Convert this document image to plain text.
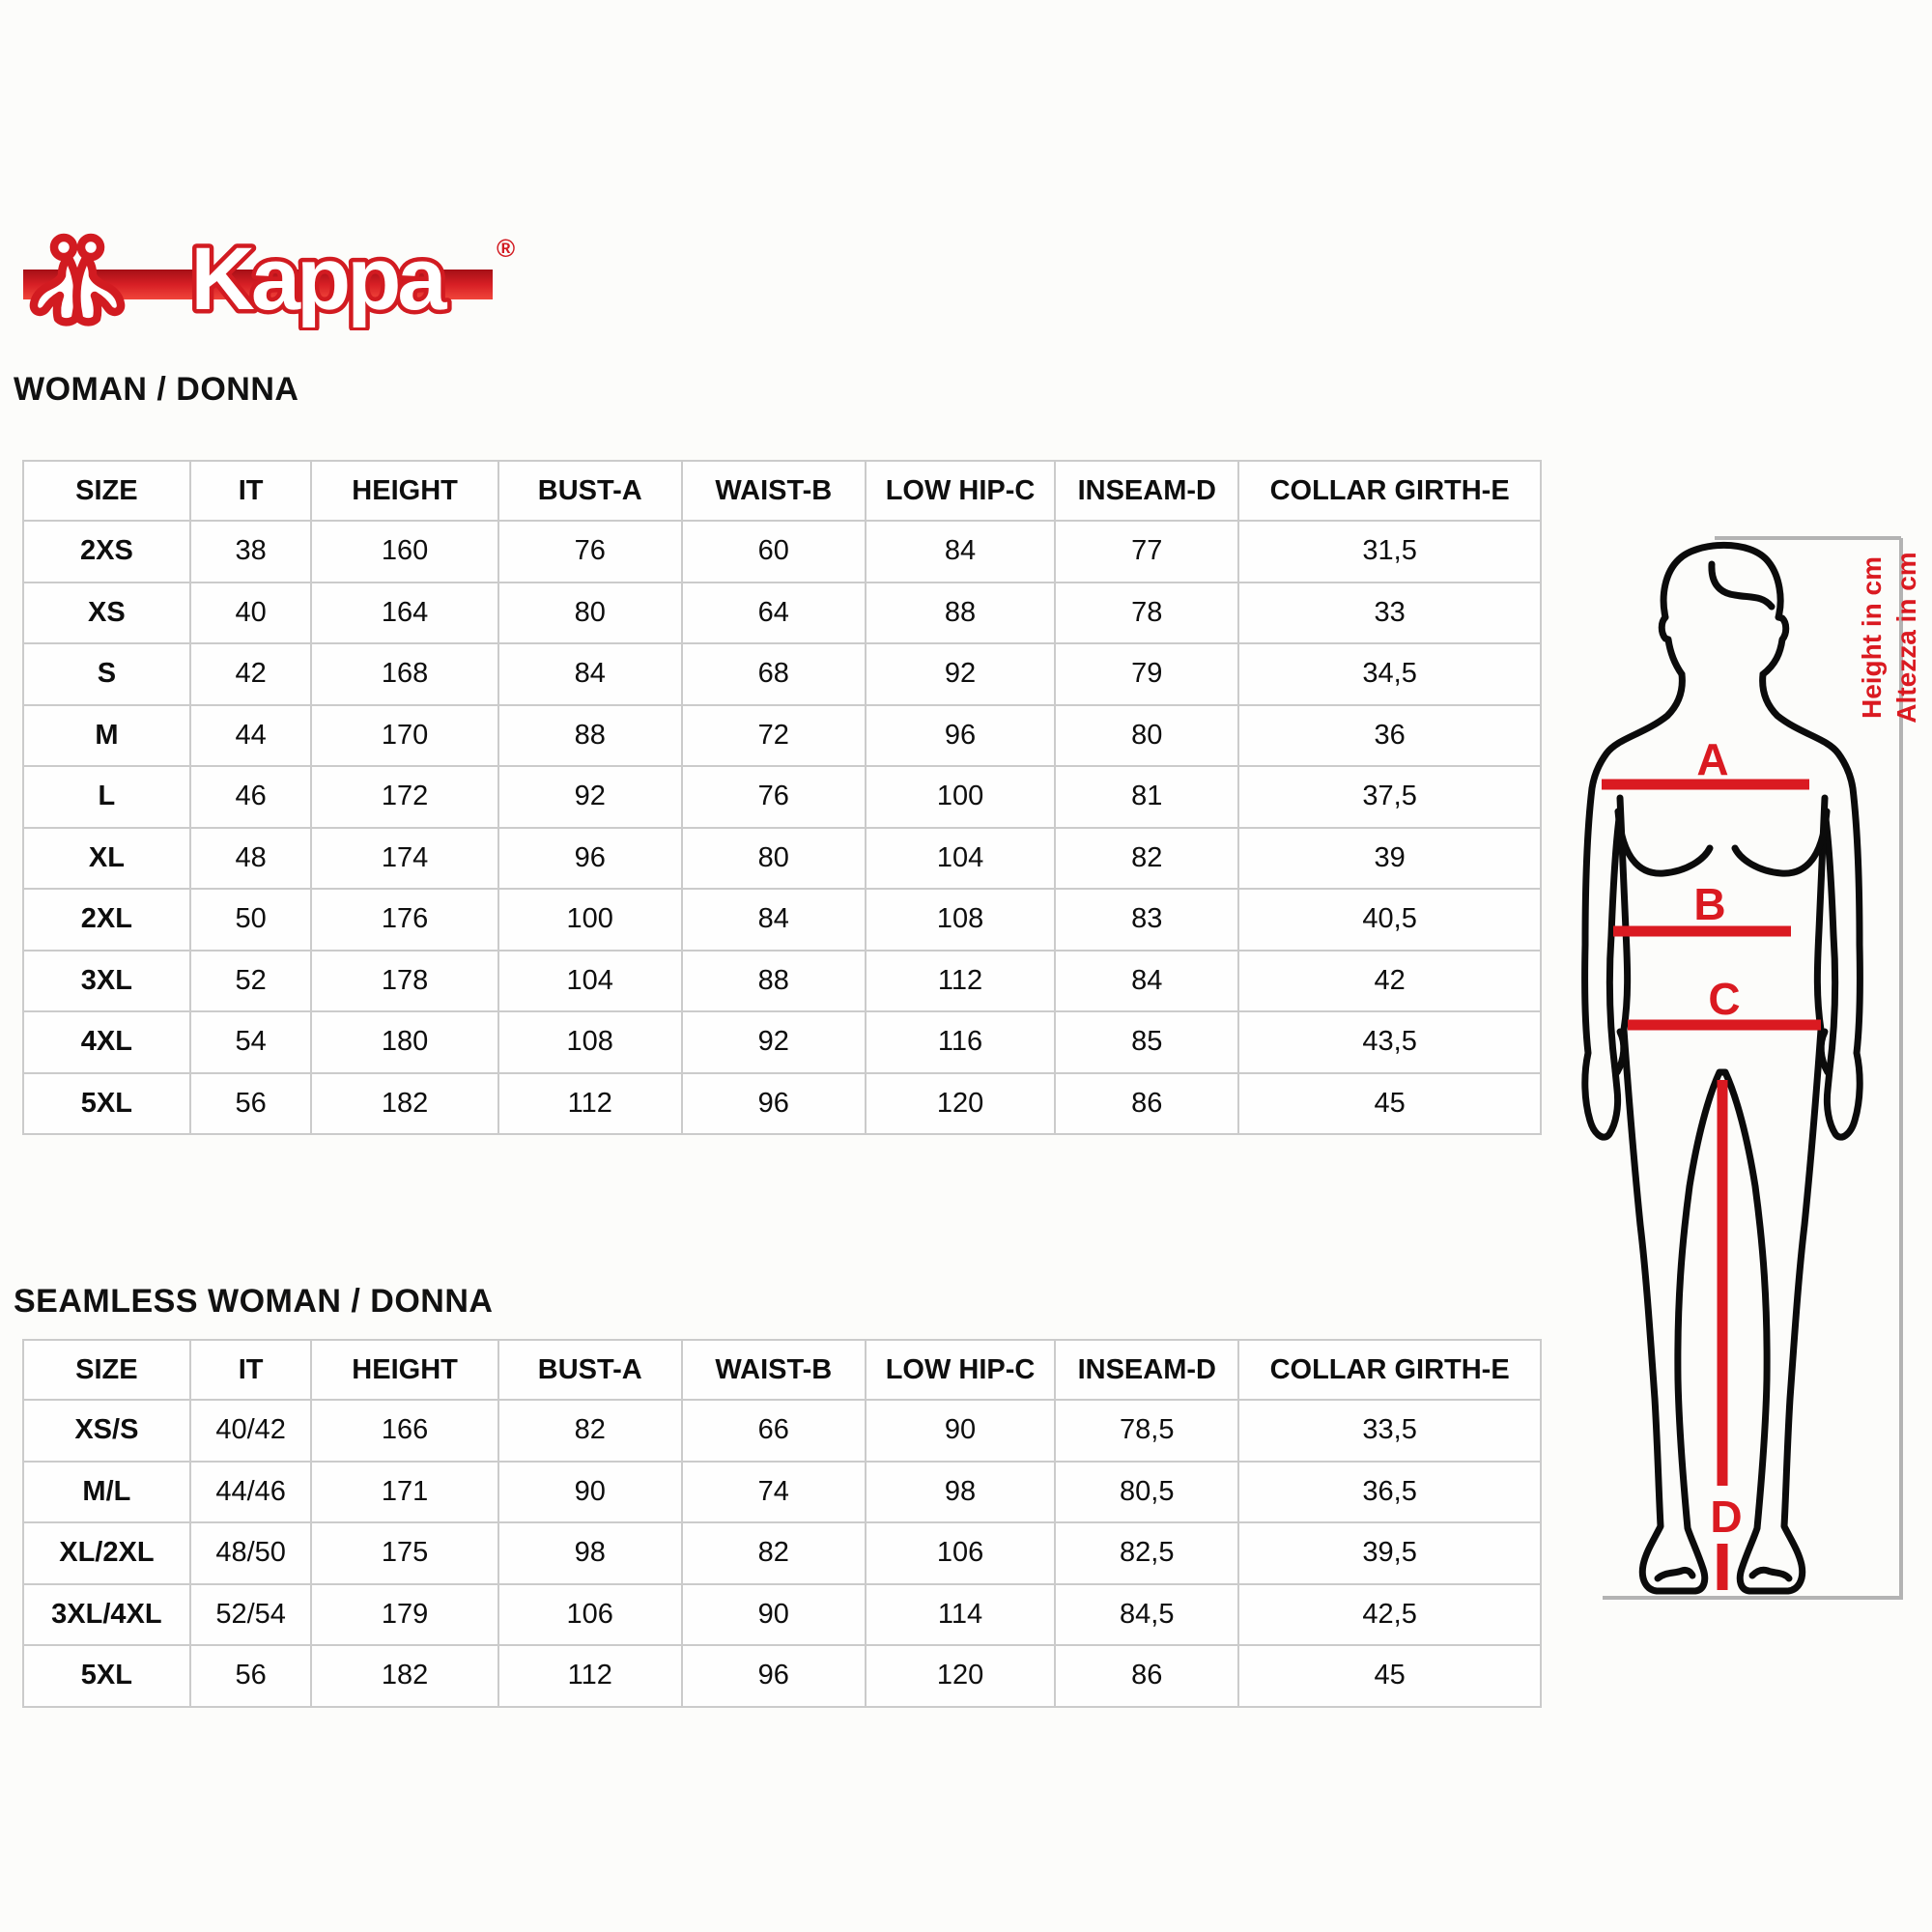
Kappa ®
WOMAN / DONNA
SIZE	IT	HEIGHT	BUST-A	WAIST-B	LOW HIP-C	INSEAM-D	COLLAR GIRTH-E
2XS	38	160	76	60	84	77	31,5
XS	40	164	80	64	88	78	33
S	42	168	84	68	92	79	34,5
M	44	170	88	72	96	80	36
L	46	172	92	76	100	81	37,5
XL	48	174	96	80	104	82	39
2XL	50	176	100	84	108	83	40,5
3XL	52	178	104	88	112	84	42
4XL	54	180	108	92	116	85	43,5
5XL	56	182	112	96	120	86	45
SEAMLESS WOMAN / DONNA
SIZE	IT	HEIGHT	BUST-A	WAIST-B	LOW HIP-C	INSEAM-D	COLLAR GIRTH-E
XS/S	40/42	166	82	66	90	78,5	33,5
M/L	44/46	171	90	74	98	80,5	36,5
XL/2XL	48/50	175	98	82	106	82,5	39,5
3XL/4XL	52/54	179	106	90	114	84,5	42,5
5XL	56	182	112	96	120	86	45
A
B
C
D
Height in cm Altezza in cm
